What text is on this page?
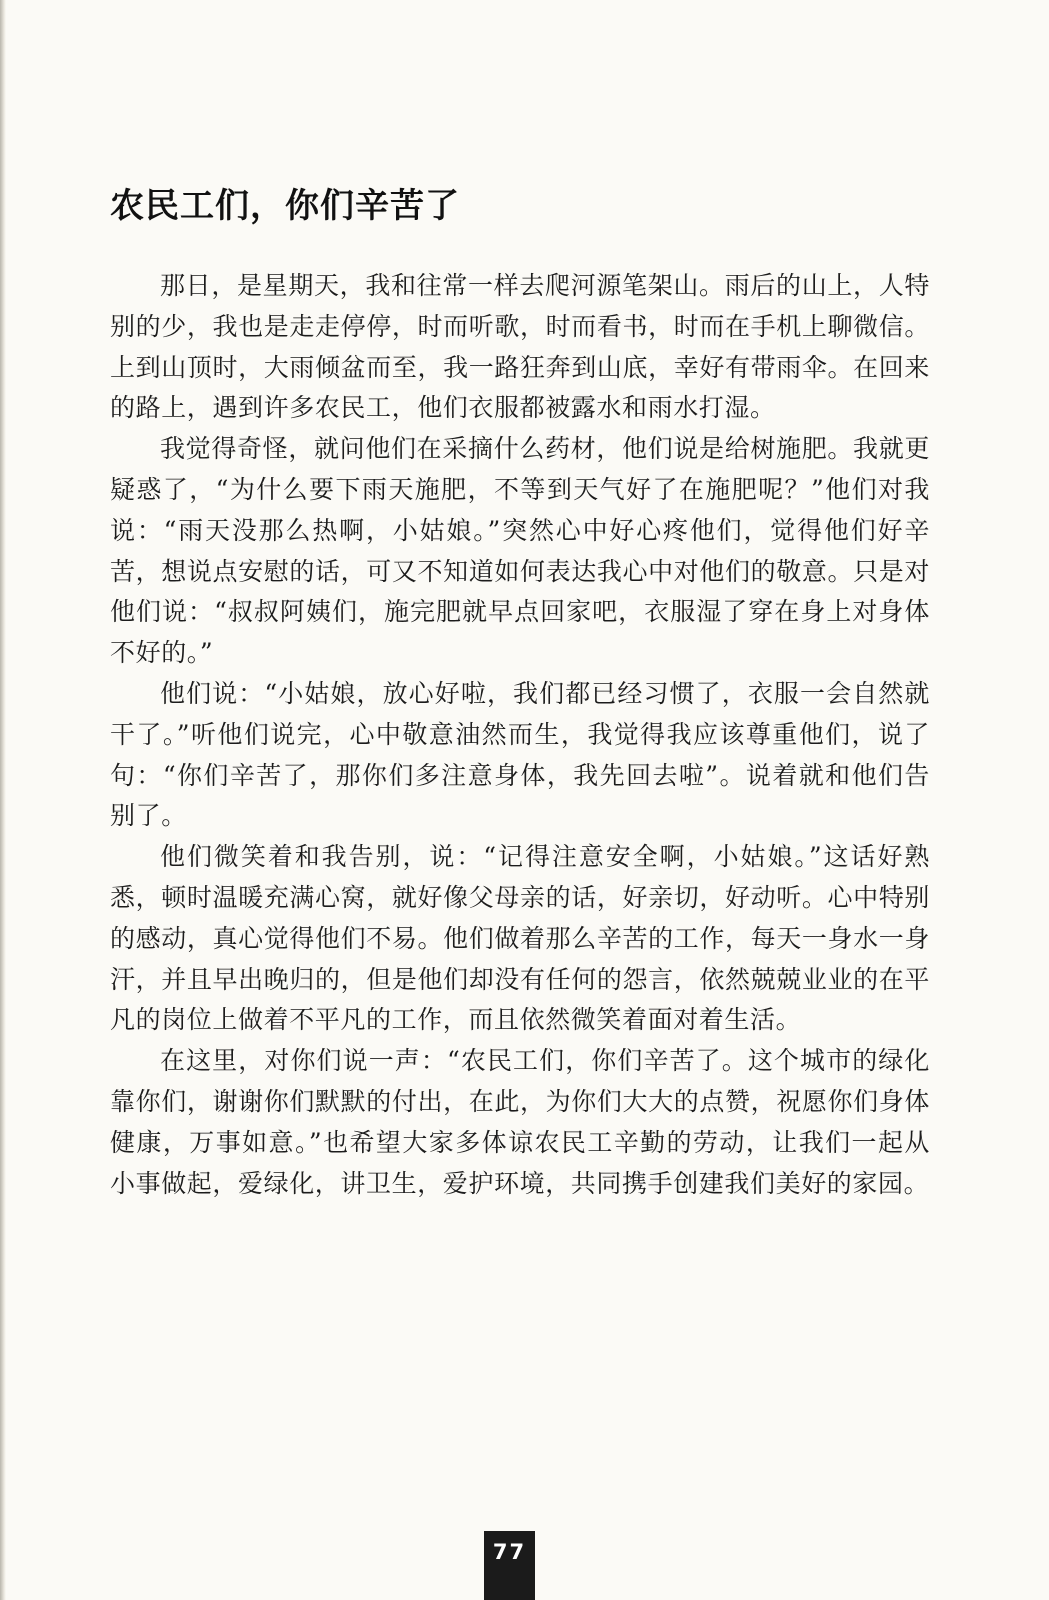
农民工们，你们辛苦了

那日，是星期天，我和往常一样去爬河源笔架山。雨后的山上，人特别的少，我也是走走停停，时而听歌，时而看书，时而在手机上聊微信。上到山顶时，大雨倾盆而至，我一路狂奔到山底，幸好有带雨伞。在回来的路上，遇到许多农民工，他们衣服都被露水和雨水打湿。

我觉得奇怪，就问他们在采摘什么药材，他们说是给树施肥。我就更疑惑了，“为什么要下雨天施肥，不等到天气好了在施肥呢？”他们对我说：“雨天没那么热啊，小姑娘。”突然心中好心疼他们，觉得他们好辛苦，想说点安慰的话，可又不知道如何表达我心中对他们的敬意。只是对他们说：“叔叔阿姨们，施完肥就早点回家吧，衣服湿了穿在身上对身体不好的。”

他们说：“小姑娘，放心好啦，我们都已经习惯了，衣服一会自然就干了。”听他们说完，心中敬意油然而生，我觉得我应该尊重他们，说了句：“你们辛苦了，那你们多注意身体，我先回去啦”。说着就和他们告别了。

他们微笑着和我告别，说：“记得注意安全啊，小姑娘。”这话好熟悉，顿时温暖充满心窝，就好像父母亲的话，好亲切，好动听。心中特别的感动，真心觉得他们不易。他们做着那么辛苦的工作，每天一身水一身汗，并且早出晚归的，但是他们却没有任何的怨言，依然兢兢业业的在平凡的岗位上做着不平凡的工作，而且依然微笑着面对着生活。

在这里，对你们说一声：“农民工们，你们辛苦了。这个城市的绿化靠你们，谢谢你们默默的付出，在此，为你们大大的点赞，祝愿你们身体健康，万事如意。”也希望大家多体谅农民工辛勤的劳动，让我们一起从小事做起，爱绿化，讲卫生，爱护环境，共同携手创建我们美好的家园。

77
